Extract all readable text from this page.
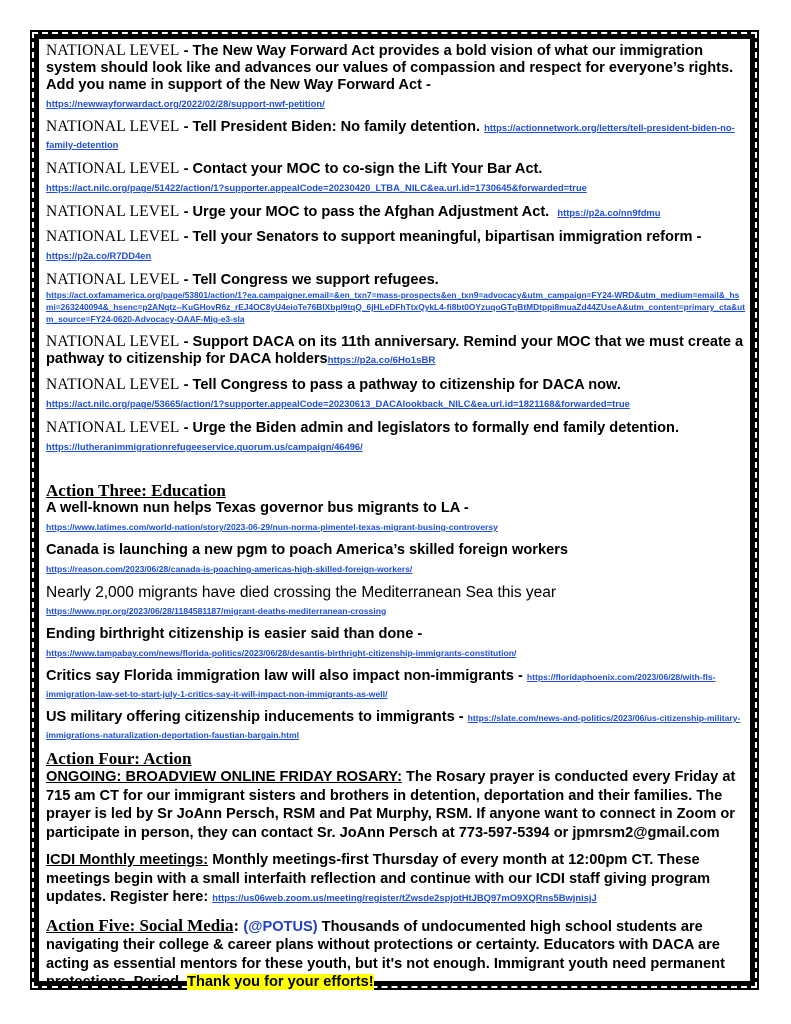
NATIONAL LEVEL - The New Way Forward Act provides a bold vision of what our immigration system should look like and advances our values of compassion and respect for everyone’s rights. Add you name in support of the New Way Forward Act -
https://newwayforwardact.org/2022/02/28/support-nwf-petition/
NATIONAL LEVEL - Tell President Biden: No family detention. https://actionnetwork.org/letters/tell-president-biden-no-family-detention
NATIONAL LEVEL - Contact your MOC to co-sign the Lift Your Bar Act.
https://act.nilc.org/page/51422/action/1?supporter.appealCode=20230420_LTBA_NILC&ea.url.id=1730645&forwarded=true
NATIONAL LEVEL - Urge your MOC to pass the Afghan Adjustment Act. https://p2a.co/nn9fdmu
NATIONAL LEVEL - Tell your Senators to support meaningful, bipartisan immigration reform -
https://p2a.co/R7DD4en
NATIONAL LEVEL - Tell Congress we support refugees.
https://act.oxfamamerica.org/page/53801/action/1?ea.campaigner.email=&en_txn7=mass-prospects&en_txn9=advocacy&utm_campaign=FY24-WRD&utm_medium=email&_hsmi=263240094&_hsenc=p2ANqtz--KuGHovR6z_rEJ4OC8yU4eioTe76BIXbpl9tqQ_6jHLeDFhTtxQykL4-fi8bt0OYzuqoGTqBtMDtppi8muaZd44ZUseA&utm_content=primary_cta&utm_source=FY24-0620-Advocacy-OAAF-Mig-e3-sla
NATIONAL LEVEL - Support DACA on its 11th anniversary. Remind your MOC that we must create a pathway to citizenship for DACA holdershttps://p2a.co/6Ho1sBR
NATIONAL LEVEL - Tell Congress to pass a pathway to citizenship for DACA now.
https://act.nilc.org/page/53665/action/1?supporter.appealCode=20230613_DACAlookback_NILC&ea.url.id=1821168&forwarded=true
NATIONAL LEVEL - Urge the Biden admin and legislators to formally end family detention.
https://lutheranimmigrationrefugeeservice.quorum.us/campaign/46496/
Action Three: Education
A well-known nun helps Texas governor bus migrants to LA -
https://www.latimes.com/world-nation/story/2023-06-29/nun-norma-pimentel-texas-migrant-busing-controversy
Canada is launching a new pgm to poach America’s skilled foreign workers
https://reason.com/2023/06/28/canada-is-poaching-americas-high-skilled-foreign-workers/
Nearly 2,000 migrants have died crossing the Mediterranean Sea this year
https://www.npr.org/2023/06/28/1184581187/migrant-deaths-mediterranean-crossing
Ending birthright citizenship is easier said than done -
https://www.tampabay.com/news/florida-politics/2023/06/28/desantis-birthright-citizenship-immigrants-constitution/
Critics say Florida immigration law will also impact non-immigrants - https://floridaphoenix.com/2023/06/28/with-fls-immigration-law-set-to-start-july-1-critics-say-it-will-impact-non-immigrants-as-well/
US military offering citizenship inducements to immigrants - https://slate.com/news-and-politics/2023/06/us-citizenship-military-immigrations-naturalization-deportation-faustian-bargain.html
Action Four: Action
ONGOING: BROADVIEW ONLINE FRIDAY ROSARY: The Rosary prayer is conducted every Friday at 715 am CT for our immigrant sisters and brothers in detention, deportation and their families. The prayer is led by Sr JoAnn Persch, RSM and Pat Murphy, RSM. If anyone want to connect in Zoom or participate in person, they can contact Sr. JoAnn Persch at 773-597-5394 or jpmrsm2@gmail.com
ICDI Monthly meetings: Monthly meetings-first Thursday of every month at 12:00pm CT. These meetings begin with a small interfaith reflection and continue with our ICDI staff giving program updates. Register here: https://us06web.zoom.us/meeting/register/tZwsde2spjotHtJBQ97mO9XQRns5BwjnisjJ
Action Five: Social Media: (@POTUS) Thousands of undocumented high school students are navigating their college & career plans without protections or certainty. Educators with DACA are acting as essential mentors for these youth, but it's not enough. Immigrant youth need permanent protections. Period. Thank you for your efforts!
